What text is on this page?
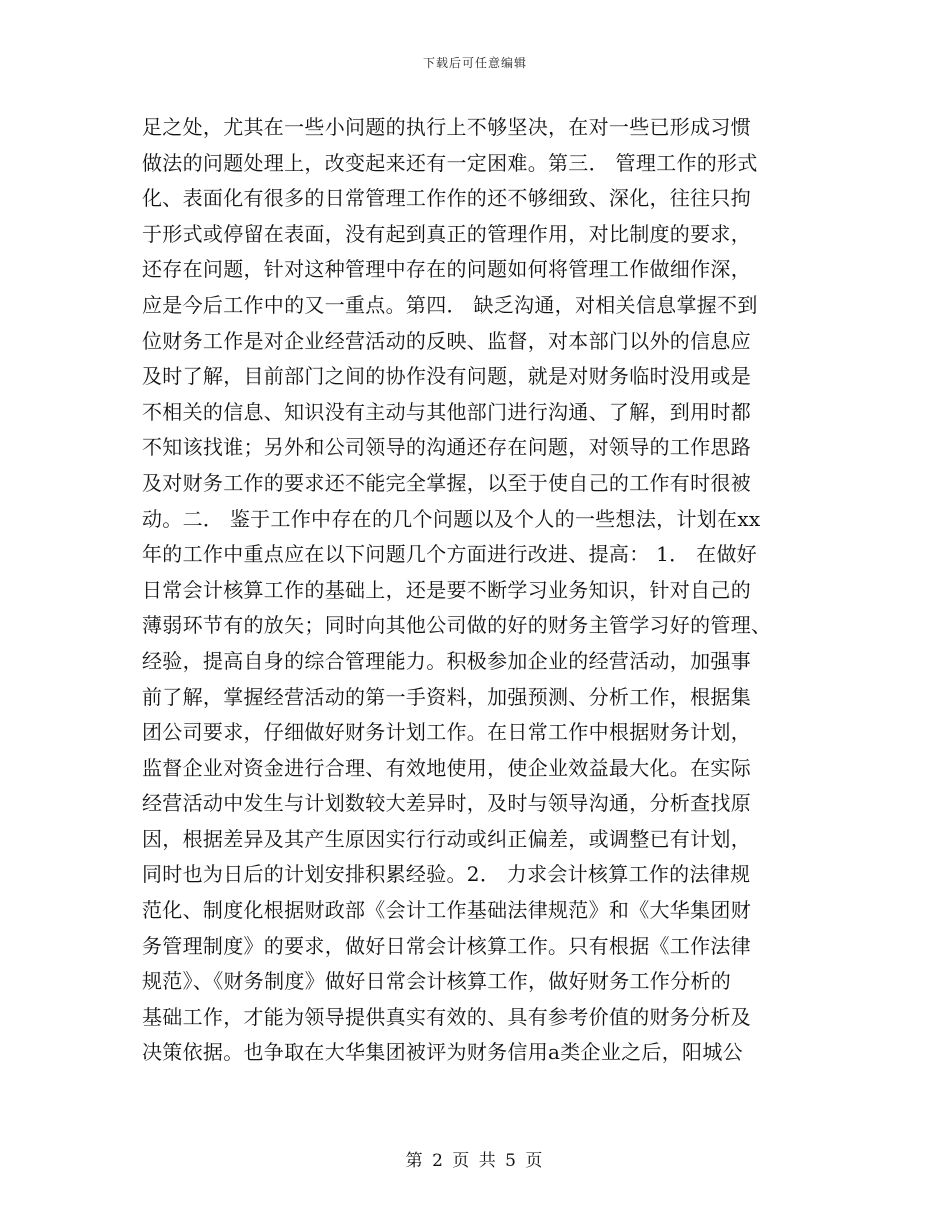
下载后可任意编辑
足之处，尤其在一些小问题的执行上不够坚决，在对一些已形成习惯
做法的问题处理上，改变起来还有一定困难。第三． 管理工作的形式
化、表面化有很多的日常管理工作作的还不够细致、深化，往往只拘
于形式或停留在表面，没有起到真正的管理作用，对比制度的要求，
还存在问题，针对这种管理中存在的问题如何将管理工作做细作深，
应是今后工作中的又一重点。第四． 缺乏沟通，对相关信息掌握不到
位财务工作是对企业经营活动的反映、监督，对本部门以外的信息应
及时了解，目前部门之间的协作没有问题，就是对财务临时没用或是
不相关的信息、知识没有主动与其他部门进行沟通、了解，到用时都
不知该找谁；另外和公司领导的沟通还存在问题，对领导的工作思路
及对财务工作的要求还不能完全掌握，以至于使自己的工作有时很被
动。二． 鉴于工作中存在的几个问题以及个人的一些想法，计划在xx
年的工作中重点应在以下问题几个方面进行改进、提高： 1． 在做好
日常会计核算工作的基础上，还是要不断学习业务知识，针对自己的
薄弱环节有的放矢；同时向其他公司做的好的财务主管学习好的管理、
经验，提高自身的综合管理能力。积极参加企业的经营活动，加强事
前了解，掌握经营活动的第一手资料，加强预测、分析工作，根据集
团公司要求，仔细做好财务计划工作。在日常工作中根据财务计划，
监督企业对资金进行合理、有效地使用，使企业效益最大化。在实际
经营活动中发生与计划数较大差异时，及时与领导沟通，分析查找原
因，根据差异及其产生原因实行行动或纠正偏差，或调整已有计划，
同时也为日后的计划安排积累经验。2． 力求会计核算工作的法律规
范化、制度化根据财政部《会计工作基础法律规范》和《大华集团财
务管理制度》的要求，做好日常会计核算工作。只有根据《工作法律
规范》、《财务制度》做好日常会计核算工作，做好财务工作分析的
基础工作，才能为领导提供真实有效的、具有参考价值的财务分析及
决策依据。也争取在大华集团被评为财务信用a类企业之后，阳城公
第 2 页 共 5 页
